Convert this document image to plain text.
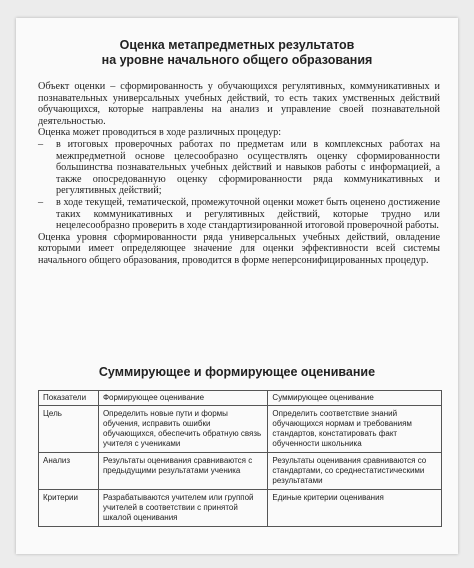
Оценка метапредметных результатов
на уровне начального общего образования

Объект оценки – сформированность у обучающихся регулятивных, коммуникативных и познавательных универсальных учебных действий, то есть таких умственных действий обучающихся, которые направлены на анализ и управление своей познавательной деятельностью.

Оценка может проводиться в ходе различных процедур:

– в итоговых проверочных работах по предметам или в комплексных работах на межпредметной основе целесообразно осуществлять оценку сформированности большинства познавательных учебных действий и навыков работы с информацией, а также опосредованную оценку сформированности ряда коммуникативных и регулятивных действий;
– в ходе текущей, тематической, промежуточной оценки может быть оценено достижение таких коммуникативных и регулятивных действий, которые трудно или нецелесообразно проверить в ходе стандартизированной итоговой проверочной работы.

Оценка уровня сформированности ряда универсальных учебных действий, овладение которыми имеет определяющее значение для оценки эффективности всей системы начального общего образования, проводится в форме неперсонифицированных процедур.

Суммирующее и формирующее оценивание
Показатели	Формирующее оценивание	Суммирующее оценивание
Цель	Определить новые пути и формы обучения, исправить ошибки обучающихся, обеспечить обратную связь учителя с учениками	Определить соответствие знаний обучающихся нормам и требованиям стандартов, констатировать факт обученности школьника
Анализ	Результаты оценивания сравниваются с предыдущими результатами ученика	Результаты оценивания сравниваются со стандартами, со среднестатистическими результатами
Критерии	Разрабатываются учителем или группой учителей в соответствии с принятой шкалой оценивания	Единые критерии оценивания
